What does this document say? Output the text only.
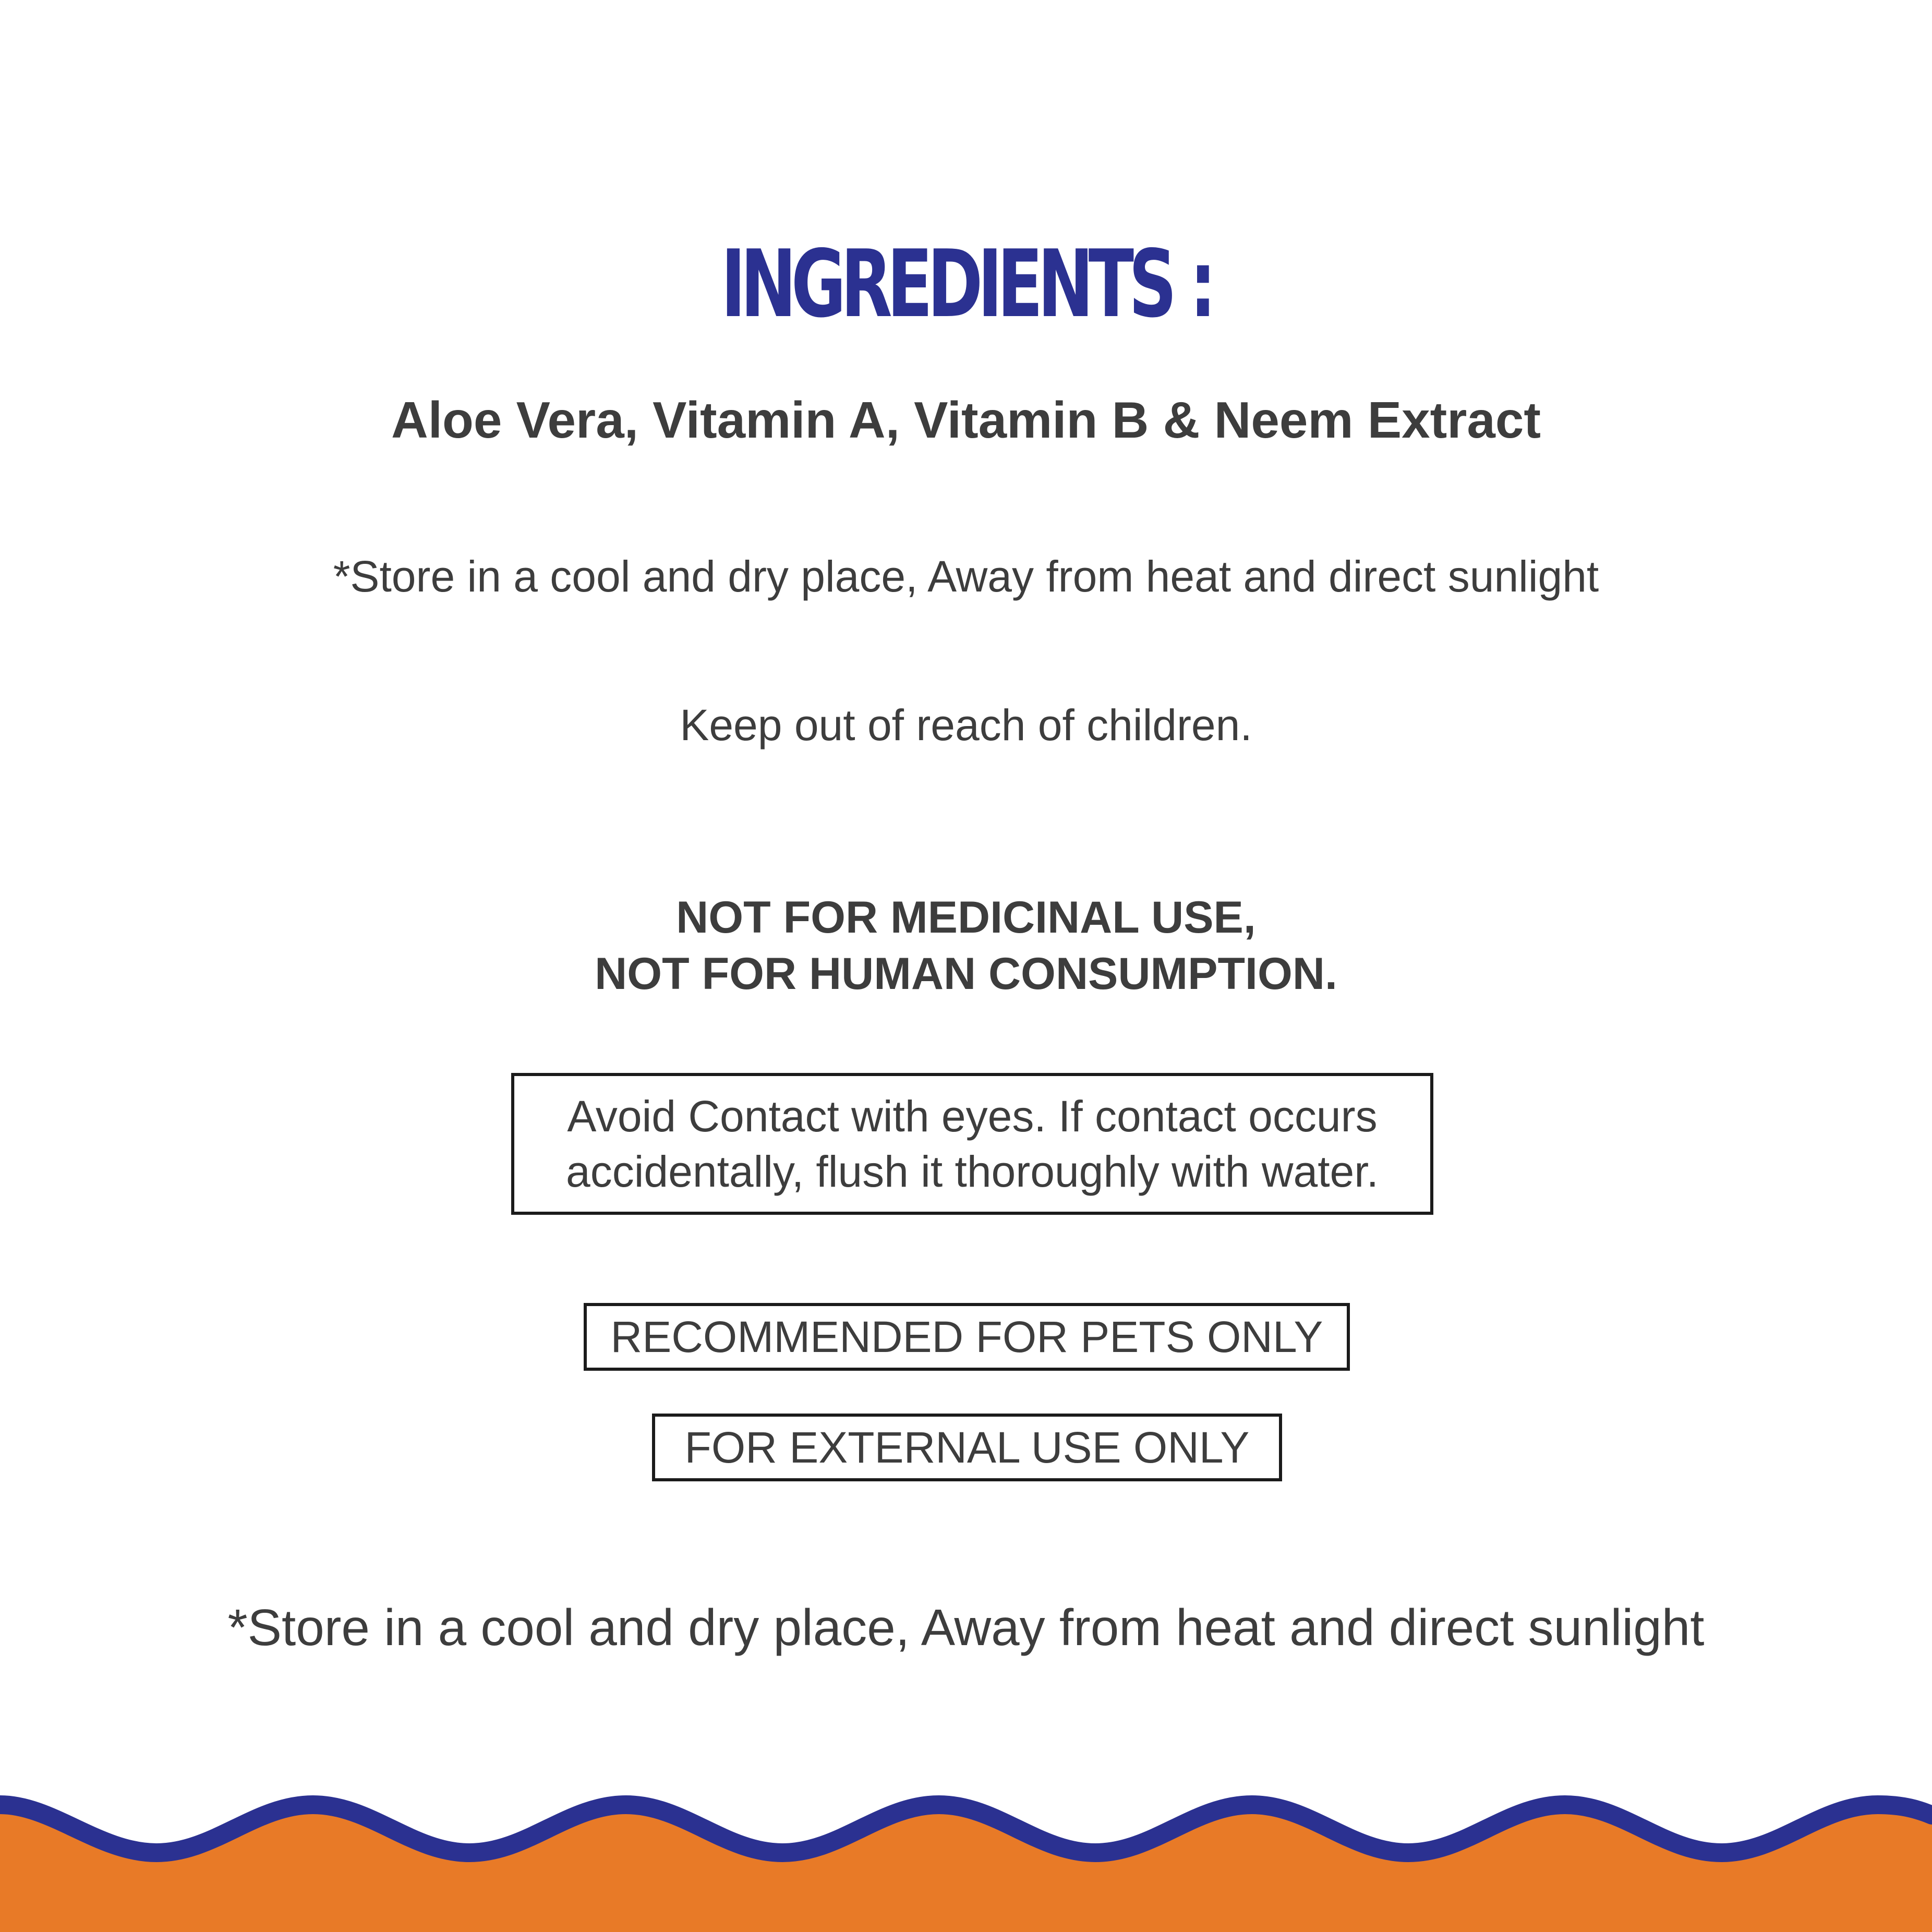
INGREDIENTS :
Aloe Vera, Vitamin A, Vitamin B & Neem Extract
*Store in a cool and dry place, Away from heat and direct sunlight
Keep out of reach of children.
NOT FOR MEDICINAL USE,
NOT FOR HUMAN CONSUMPTION.
Avoid Contact with eyes. If contact occurs
accidentally, flush it thoroughly with water.
RECOMMENDED FOR PETS ONLY
FOR EXTERNAL USE ONLY
*Store in a cool and dry place, Away from heat and direct sunlight
